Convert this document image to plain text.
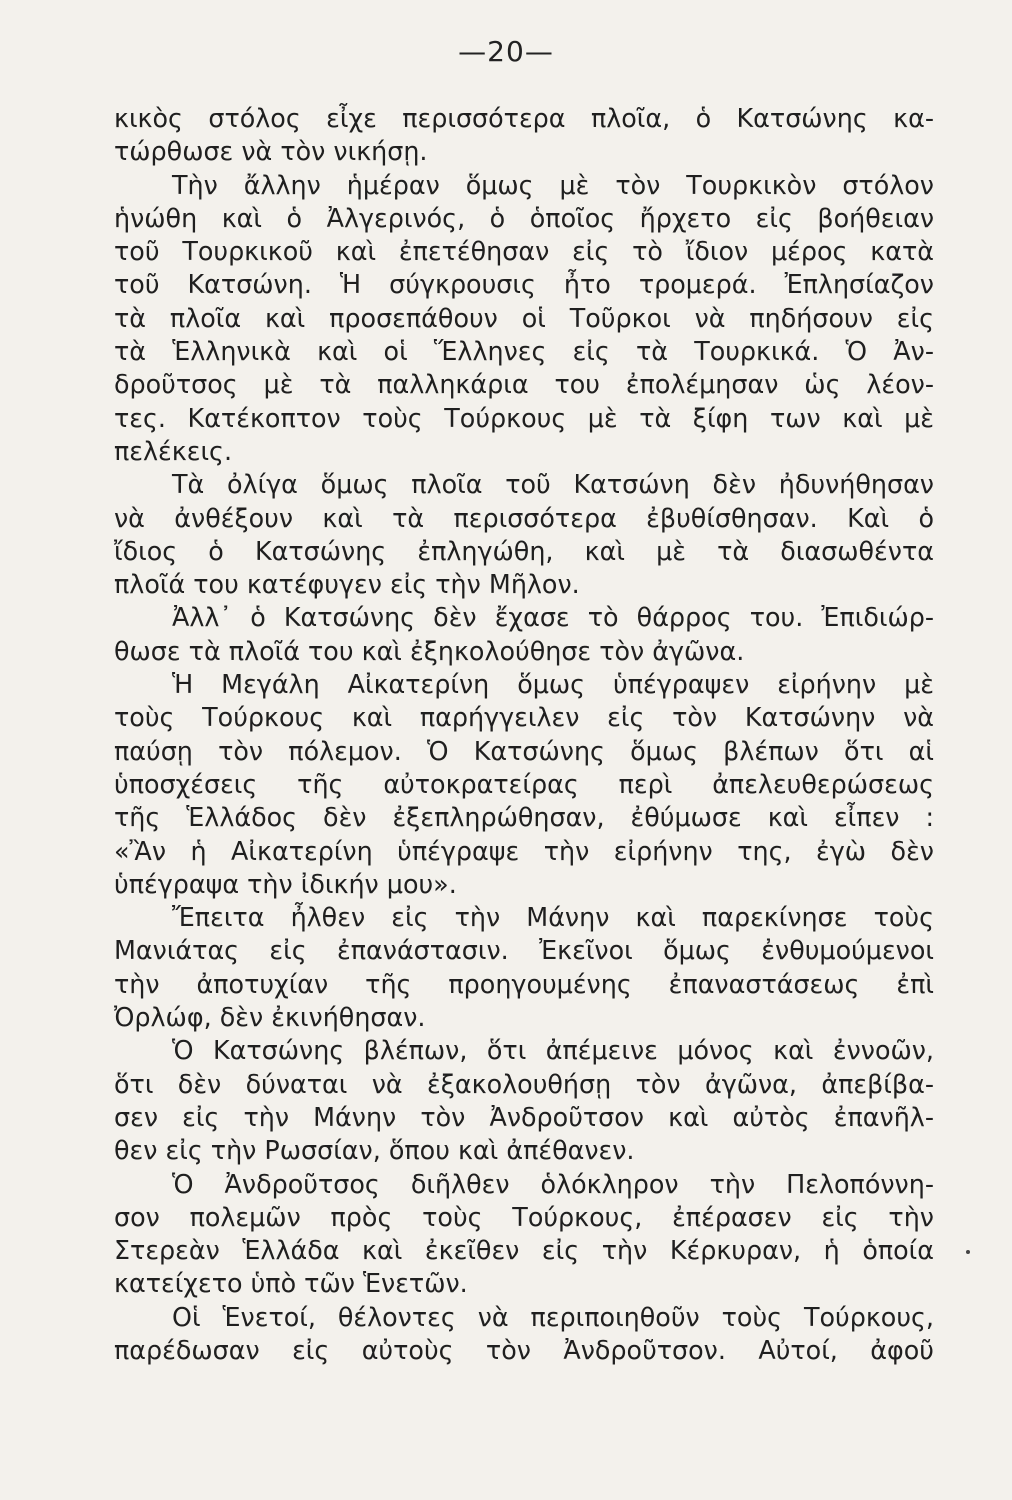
—20—
κικὸς στόλος εἶχε περισσότερα πλοῖα, ὁ Κατσώνης κα-
τώρθωσε νὰ τὸν νικήσῃ.
Τὴν ἄλλην ἡμέραν ὅμως μὲ τὸν Τουρκικὸν στόλον
ἡνώθη καὶ ὁ Ἀλγερινός, ὁ ὁποῖος ἤρχετο εἰς βοήθειαν
τοῦ Τουρκικοῦ καὶ ἐπετέθησαν εἰς τὸ ἴδιον μέρος κατὰ
τοῦ Κατσώνη. Ἡ σύγκρουσις ἦτο τρομερά. Ἐπλησίαζον
τὰ πλοῖα καὶ προσεπάθουν οἱ Τοῦρκοι νὰ πηδήσουν εἰς
τὰ Ἑλληνικὰ καὶ οἱ Ἕλληνες εἰς τὰ Τουρκικά. Ὁ Ἀν-
δροῦτσος μὲ τὰ παλληκάρια του ἐπολέμησαν ὡς λέον-
τες. Κατέκοπτον τοὺς Τούρκους μὲ τὰ ξίφη των καὶ μὲ
πελέκεις.
Τὰ ὀλίγα ὅμως πλοῖα τοῦ Κατσώνη δὲν ἠδυνήθησαν
νὰ ἀνθέξουν καὶ τὰ περισσότερα ἐβυθίσθησαν. Καὶ ὁ
ἴδιος ὁ Κατσώνης ἐπληγώθη, καὶ μὲ τὰ διασωθέντα
πλοῖά του κατέφυγεν εἰς τὴν Μῆλον.
Ἀλλ᾽ ὁ Κατσώνης δὲν ἔχασε τὸ θάρρος του. Ἐπιδιώρ-
θωσε τὰ πλοῖά του καὶ ἐξηκολούθησε τὸν ἀγῶνα.
Ἡ Μεγάλη Αἰκατερίνη ὅμως ὑπέγραψεν εἰρήνην μὲ
τοὺς Τούρκους καὶ παρήγγειλεν εἰς τὸν Κατσώνην νὰ
παύσῃ τὸν πόλεμον. Ὁ Κατσώνης ὅμως βλέπων ὅτι αἱ
ὑποσχέσεις τῆς αὐτοκρατείρας περὶ ἀπελευθερώσεως
τῆς Ἑλλάδος δὲν ἐξεπληρώθησαν, ἐθύμωσε καὶ εἶπεν :
«Ἂν ἡ Αἰκατερίνη ὑπέγραψε τὴν εἰρήνην της, ἐγὼ δὲν
ὑπέγραψα τὴν ἰδικήν μου».
Ἔπειτα ἦλθεν εἰς τὴν Μάνην καὶ παρεκίνησε τοὺς
Μανιάτας εἰς ἐπανάστασιν. Ἐκεῖνοι ὅμως ἐνθυμούμενοι
τὴν ἀποτυχίαν τῆς προηγουμένης ἐπαναστάσεως ἐπὶ
Ὀρλώφ, δὲν ἐκινήθησαν.
Ὁ Κατσώνης βλέπων, ὅτι ἀπέμεινε μόνος καὶ ἐννοῶν,
ὅτι δὲν δύναται νὰ ἐξακολουθήσῃ τὸν ἀγῶνα, ἀπεβίβα-
σεν εἰς τὴν Μάνην τὸν Ἀνδροῦτσον καὶ αὐτὸς ἐπανῆλ-
θεν εἰς τὴν Ρωσσίαν, ὅπου καὶ ἀπέθανεν.
Ὁ Ἀνδροῦτσος διῆλθεν ὁλόκληρον τὴν Πελοπόννη-
σον πολεμῶν πρὸς τοὺς Τούρκους, ἐπέρασεν εἰς τὴν
Στερεὰν Ἑλλάδα καὶ ἐκεῖθεν εἰς τὴν Κέρκυραν, ἡ ὁποία
κατείχετο ὑπὸ τῶν Ἑνετῶν.
Οἱ Ἑνετοί, θέλοντες νὰ περιποιηθοῦν τοὺς Τούρκους,
παρέδωσαν εἰς αὐτοὺς τὸν Ἀνδροῦτσον. Αὐτοί, ἀφοῦ
